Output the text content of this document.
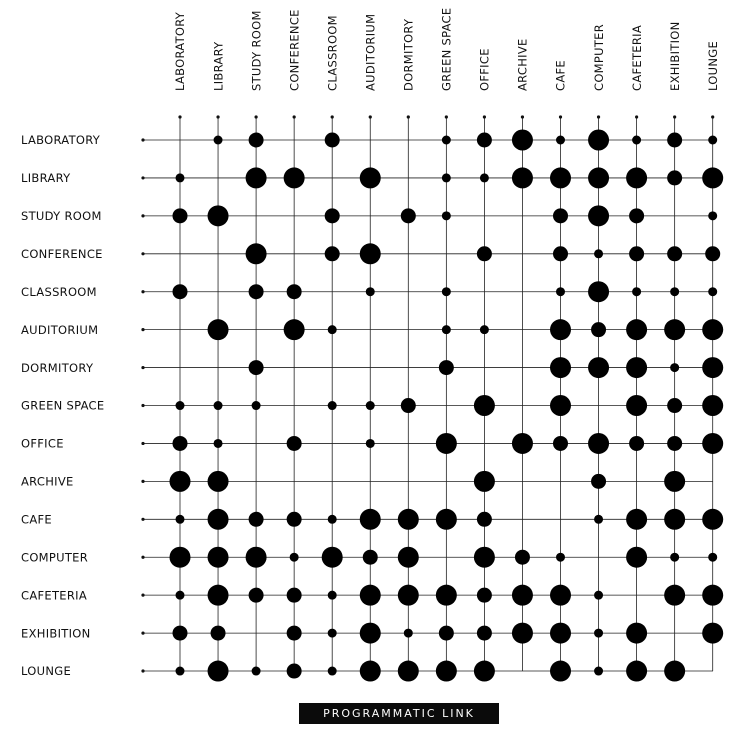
LABORATORY LIBRARY STUDY ROOM CONFERENCE CLASSROOM AUDITORIUM DORMITORY GREEN SPACE OFFICE ARCHIVE CAFE COMPUTER CAFETERIA EXHIBITION LOUNGE
LABORATORY
LIBRARY
STUDY ROOM
CONFERENCE
CLASSROOM
AUDITORIUM
DORMITORY
GREEN SPACE
OFFICE
ARCHIVE
CAFE
COMPUTER
CAFETERIA
EXHIBITION
LOUNGE
PROGRAMMATIC LINK
